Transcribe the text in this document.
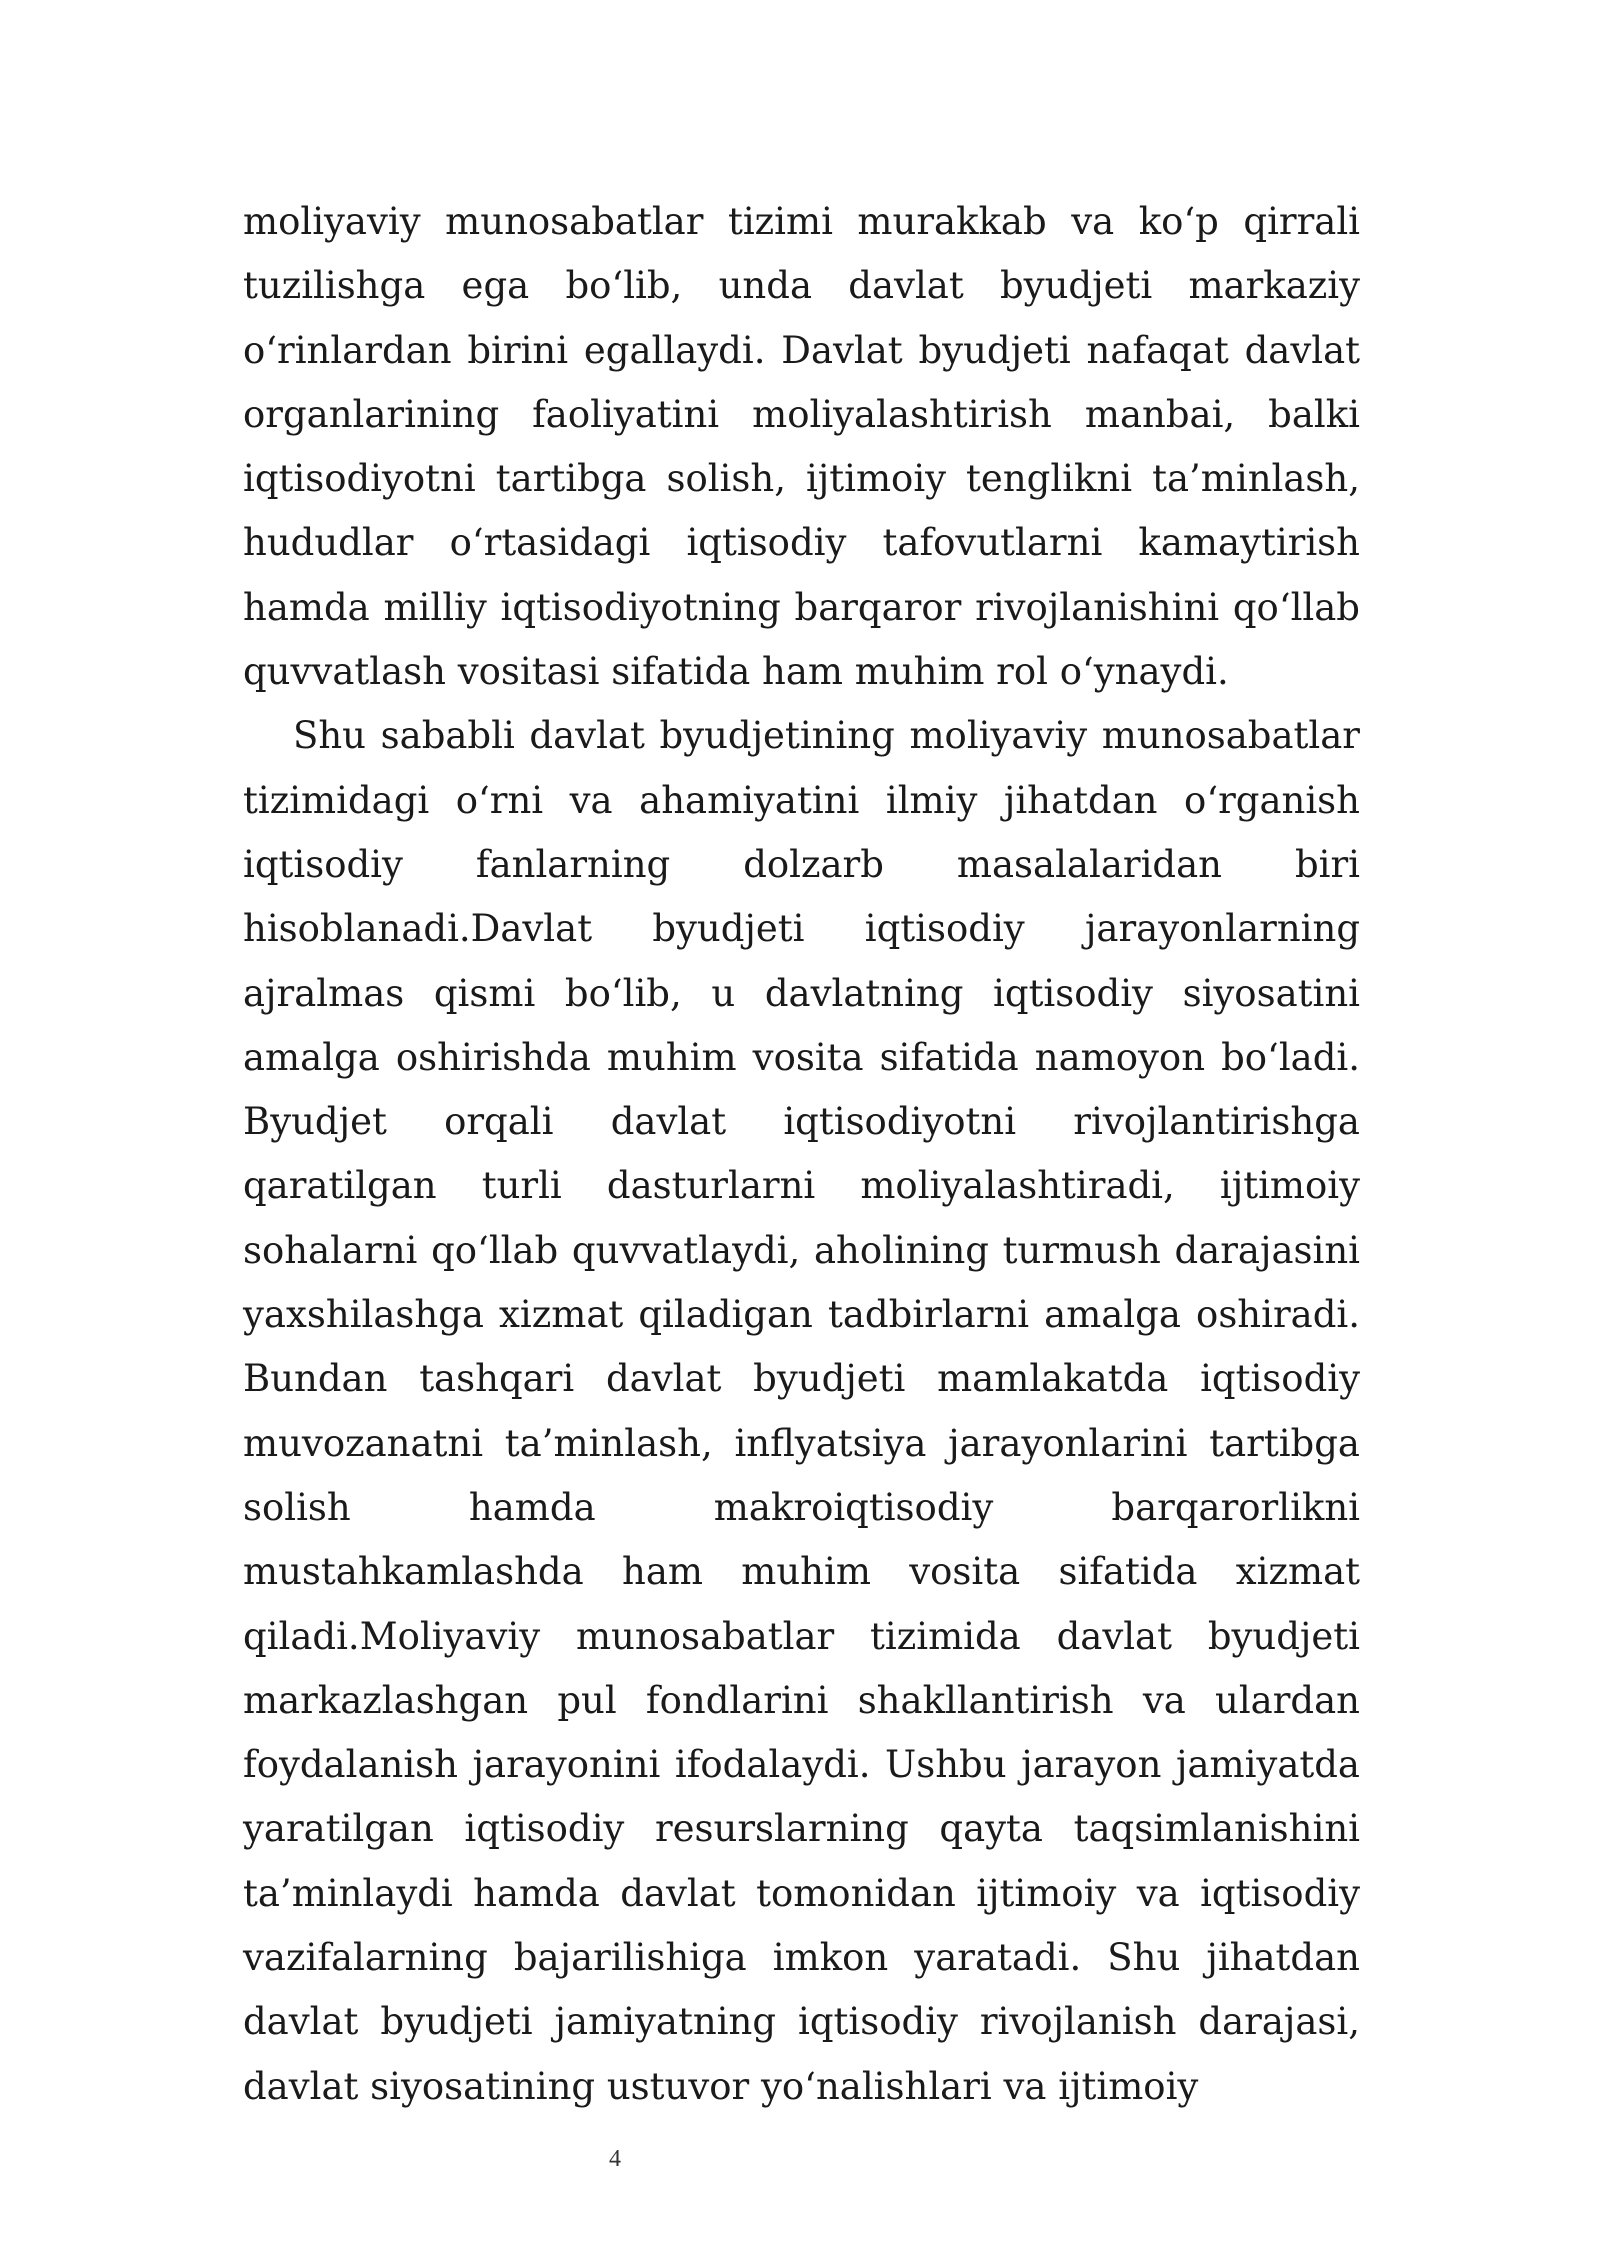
moliyaviy munosabatlar tizimi murakkab va ko‘p qirrali tuzilishga ega bo‘lib, unda davlat byudjeti markaziy o‘rinlardan birini egallaydi. Davlat byudjeti nafaqat davlat organlarining faoliyatini moliyalashtirish manbai, balki iqtisodiyotni tartibga solish, ijtimoiy tenglikni ta’minlash, hududlar o‘rtasidagi iqtisodiy tafovutlarni kamaytirish hamda milliy iqtisodiyotning barqaror rivojlanishini qo‘llab quvvatlash vositasi sifatida ham muhim rol o‘ynaydi.

Shu sababli davlat byudjetining moliyaviy munosabatlar tizimidagi o‘rni va ahamiyatini ilmiy jihatdan o‘rganish iqtisodiy fanlarning dolzarb masalalaridan biri hisoblanadi.Davlat byudjeti iqtisodiy jarayonlarning ajralmas qismi bo‘lib, u davlatning iqtisodiy siyosatini amalga oshirishda muhim vosita sifatida namoyon bo‘ladi. Byudjet orqali davlat iqtisodiyotni rivojlantirishga qaratilgan turli dasturlarni moliyalashtiradi, ijtimoiy sohalarni qo‘llab quvvatlaydi, aholining turmush darajasini yaxshilashga xizmat qiladigan tadbirlarni amalga oshiradi. Bundan tashqari davlat byudjeti mamlakatda iqtisodiy muvozanatni ta’minlash, inflyatsiya jarayonlarini tartibga solish hamda makroiqtisodiy barqarorlikni mustahkamlashda ham muhim vosita sifatida xizmat qiladi.Moliyaviy munosabatlar tizimida davlat byudjeti markazlashgan pul fondlarini shakllantirish va ulardan foydalanish jarayonini ifodalaydi. Ushbu jarayon jamiyatda yaratilgan iqtisodiy resurslarning qayta taqsimlanishini ta’minlaydi hamda davlat tomonidan ijtimoiy va iqtisodiy vazifalarning bajarilishiga imkon yaratadi. Shu jihatdan davlat byudjeti jamiyatning iqtisodiy rivojlanish darajasi, davlat siyosatining ustuvor yo‘nalishlari va ijtimoiy

4
